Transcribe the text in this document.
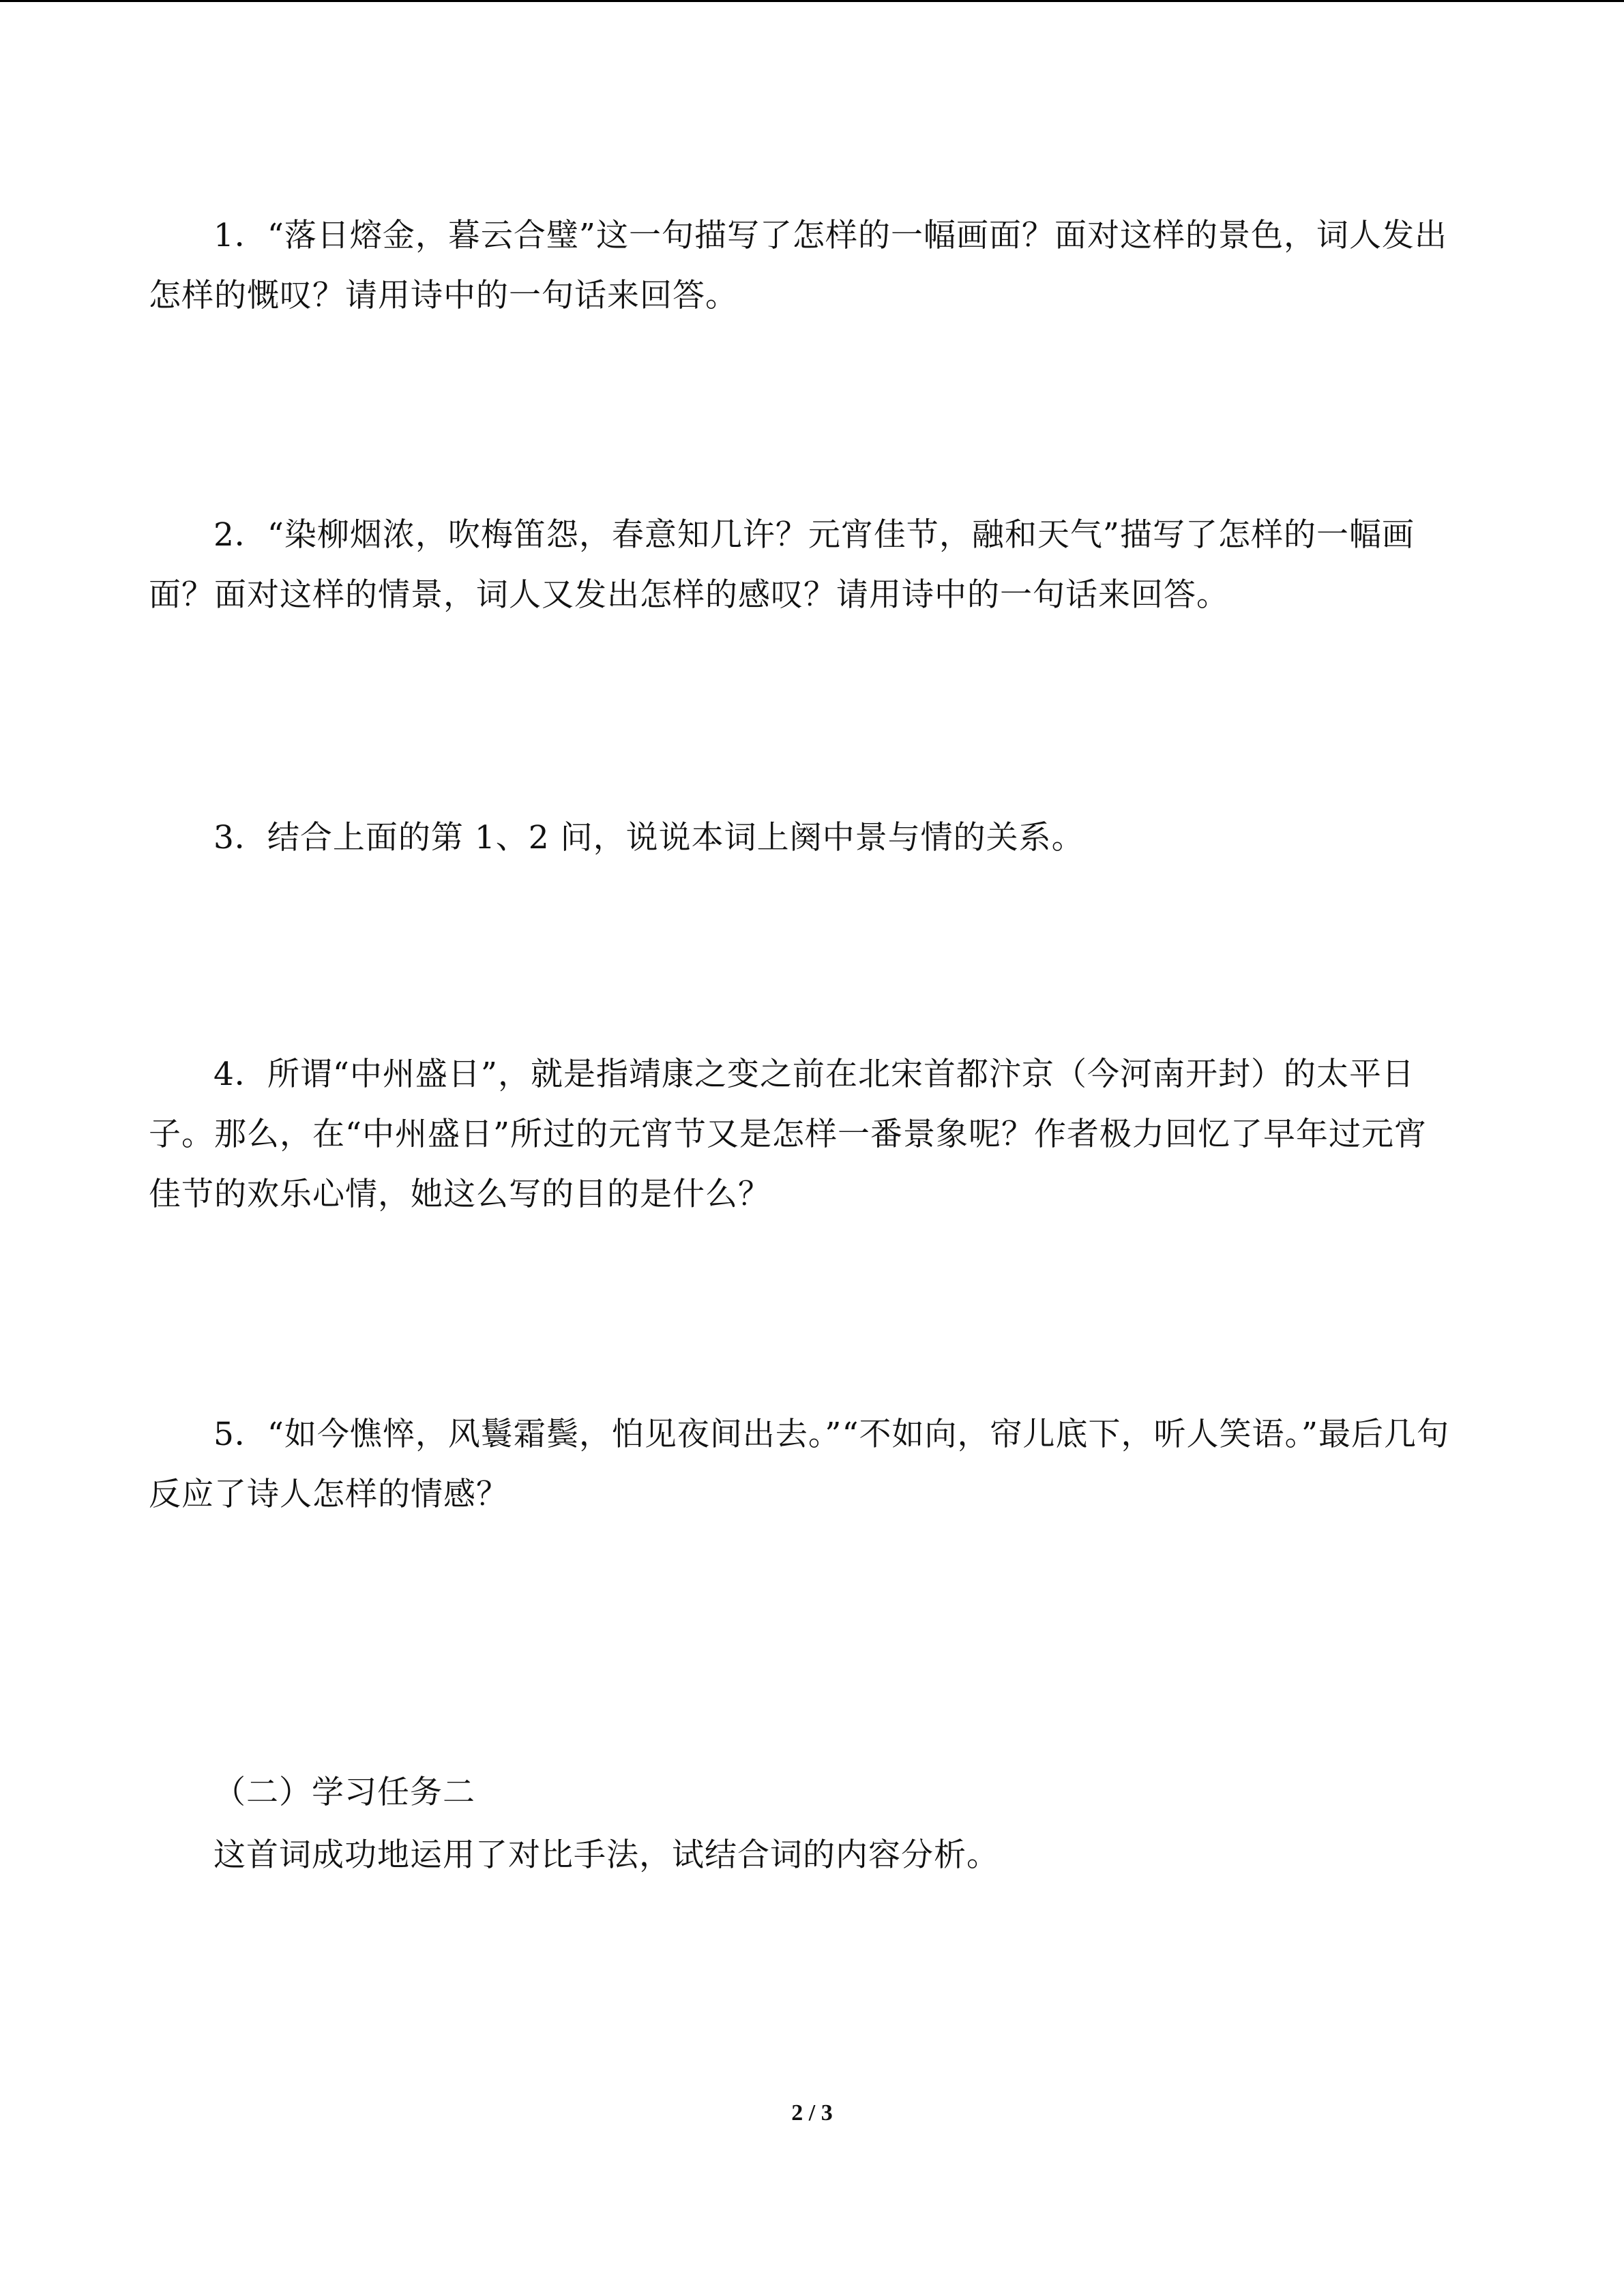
1．“落日熔金，暮云合璧”这一句描写了怎样的一幅画面？面对这样的景色，词人发出
怎样的慨叹？请用诗中的一句话来回答。
2．“染柳烟浓，吹梅笛怨，春意知几许？元宵佳节，融和天气”描写了怎样的一幅画
面？面对这样的情景，词人又发出怎样的感叹？请用诗中的一句话来回答。
3．结合上面的第 1、2 问，说说本词上阕中景与情的关系。
4．所谓“中州盛日”，就是指靖康之变之前在北宋首都汴京（今河南开封）的太平日
子。那么，在“中州盛日”所过的元宵节又是怎样一番景象呢？作者极力回忆了早年过元宵
佳节的欢乐心情，她这么写的目的是什么？
5．“如今憔悴，风鬟霜鬓，怕见夜间出去。”“不如向，帘儿底下，听人笑语。”最后几句
反应了诗人怎样的情感？
（二）学习任务二
这首词成功地运用了对比手法，试结合词的内容分析。
2 / 3
